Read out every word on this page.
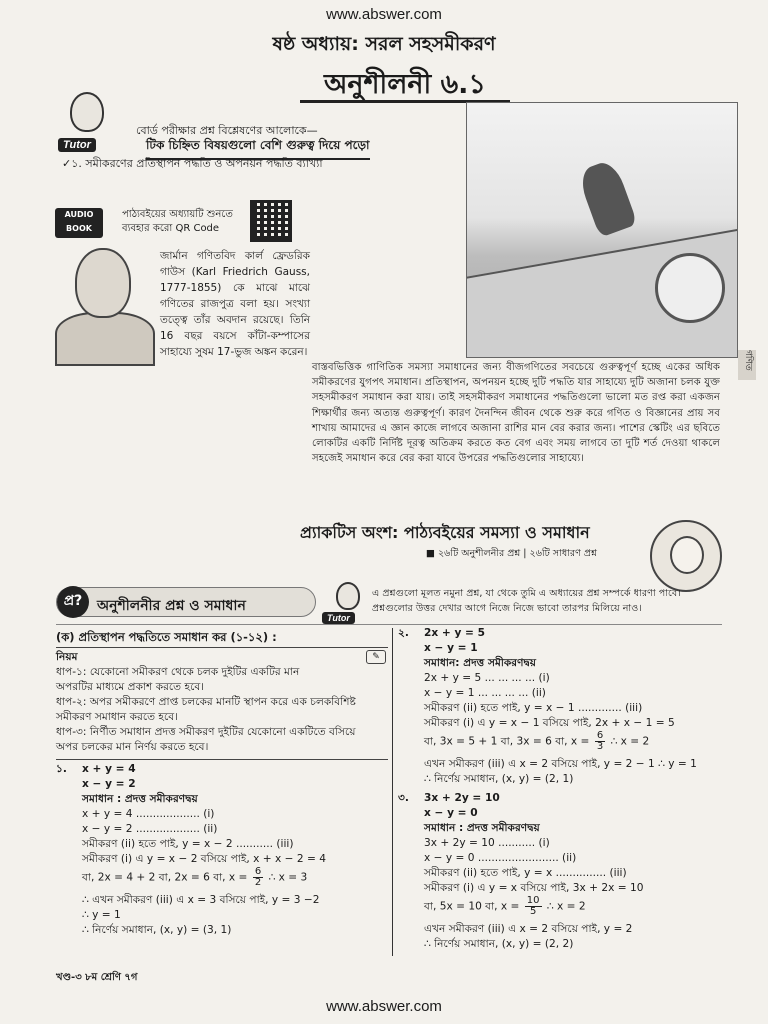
www.abswer.com
ষষ্ঠ অধ্যায়: সরল সহসমীকরণ
অনুশীলনী ৬.১
Tutor
বোর্ড পরীক্ষার প্রশ্ন বিশ্লেষণের আলোকে—
টিক চিহ্নিত বিষয়গুলো বেশি গুরুত্ব দিয়ে পড়ো
✓১. সমীকরণের প্রতিস্থাপন পদ্ধতি ও অপনয়ন পদ্ধতি ব্যাখ্যা
AUDIO BOOK
পাঠ্যবইয়ের অধ্যায়টি শুনতে ব্যবহার করো QR Code
জার্মান গণিতবিদ কার্ল ফ্রেডরিক গাউস (Karl Friedrich Gauss, 1777-1855) কে মাঝে মাঝে গণিতের রাজপুত্র বলা হয়। সংখ্যা তত্ত্বে তাঁর অবদান রয়েছে। তিনি 16 বছর বয়সে কাঁটা-কম্পাসের সাহায্যে সুষম 17-ভুজ অঙ্কন করেন।	গণিত
বাস্তবভিত্তিক গাণিতিক সমস্যা সমাধানের জন্য বীজগণিতের সবচেয়ে গুরুত্বপূর্ণ হচ্ছে একের অধিক সমীকরণের যুগপৎ সমাধান। প্রতিস্থাপন, অপনয়ন হচ্ছে দুটি পদ্ধতি যার সাহায্যে দুটি অজানা চলক যুক্ত সহসমীকরণ সমাধান করা যায়। তাই সহসমীকরণ সমাধানের পদ্ধতিগুলো ভালো মত রপ্ত করা একজন শিক্ষার্থীর জন্য অত্যন্ত গুরুত্বপূর্ণ। কারণ দৈনন্দিন জীবন থেকে শুরু করে গণিত ও বিজ্ঞানের প্রায় সব শাখায় আমাদের এ জ্ঞান কাজে লাগবে অজানা রাশির মান বের করার জন্য। পাশের স্কেটিং এর ছবিতে লোকটির একটি নির্দিষ্ট দূরত্ব অতিক্রম করতে কত বেগ এবং সময় লাগবে তা দুটি শর্ত দেওয়া থাকলে সহজেই সমাধান করে বের করা যাবে উপরের পদ্ধতিগুলোর সাহায্যে।
প্র্যাকটিস অংশ: পাঠ্যবইয়ের সমস্যা ও সমাধান
■ ২৬টি অনুশীলনীর প্রশ্ন | ২৬টি সাধারণ প্রশ্ন
প্র?	অনুশীলনীর প্রশ্ন ও সমাধান
Tutor
এ প্রশ্নগুলো মূলত নমুনা প্রশ্ন, যা থেকে তুমি এ অধ্যায়ের প্রশ্ন সম্পর্কে ধারণা পাবে। প্রশ্নগুলোর উত্তর দেখার আগে নিজে নিজে ভাবো তারপর মিলিয়ে নাও।
(ক) প্রতিস্থাপন পদ্ধতিতে সমাধান কর (১-১২) :
নিয়ম	✎
ধাপ-১: যেকোনো সমীকরণ থেকে চলক দুইটির একটির মান
অপরটির মাধ্যমে প্রকাশ করতে হবে।
ধাপ-২: অপর সমীকরণে প্রাপ্ত চলকের মানটি স্থাপন করে এক চলকবিশিষ্ট
সমীকরণ সমাধান করতে হবে।
ধাপ-৩: নির্ণীত সমাধান প্রদত্ত সমীকরণ দুইটির যেকোনো একটিতে বসিয়ে
অপর চলকের মান নির্ণয় করতে হবে।
১. x + y = 4
x − y = 2
সমাধান : প্রদত্ত সমীকরণদ্বয়
x + y = 4 ................... (i)
x − y = 2 ................... (ii)
সমীকরণ (ii) হতে পাই, y = x − 2 ........... (iii)
সমীকরণ (i) এ y = x − 2 বসিয়ে পাই, x + x − 2 = 4
বা, 2x = 4 + 2 বা, 2x = 6 বা, $x = \frac{6}{2}$ ∴ x = 3
∴ এখন সমীকরণ (iii) এ x = 3 বসিয়ে পাই, y = 3 −2
∴ y = 1
∴ নির্ণেয় সমাধান, (x, y) = (3, 1)
২. 2x + y = 5
x − y = 1
সমাধান: প্রদত্ত সমীকরণদ্বয়
2x + y = 5 ... ... ... ... (i)
x − y = 1 ... ... ... ... (ii)
সমীকরণ (ii) হতে পাই, y = x − 1 ............. (iii)
সমীকরণ (i) এ y = x − 1 বসিয়ে পাই, 2x + x − 1 = 5
বা, 3x = 5 + 1 বা, 3x = 6 বা, $x = \frac{6}{3}$ ∴ x = 2
এখন সমীকরণ (iii) এ x = 2 বসিয়ে পাই, y = 2 − 1 ∴ y = 1
∴ নির্ণেয় সমাধান, (x, y) = (2, 1)
৩. 3x + 2y = 10
x − y = 0
সমাধান : প্রদত্ত সমীকরণদ্বয়
3x + 2y = 10 ........... (i)
x − y = 0 ........................ (ii)
সমীকরণ (ii) হতে পাই, y = x ............... (iii)
সমীকরণ (i) এ y = x বসিয়ে পাই, 3x + 2x = 10
বা, 5x = 10 বা, $x = \frac{10}{5}$ ∴ x = 2
এখন সমীকরণ (iii) এ x = 2 বসিয়ে পাই, y = 2
∴ নির্ণেয় সমাধান, (x, y) = (2, 2)
খণ্ড-৩ ৮ম শ্রেণি ৭গ
www.abswer.com
